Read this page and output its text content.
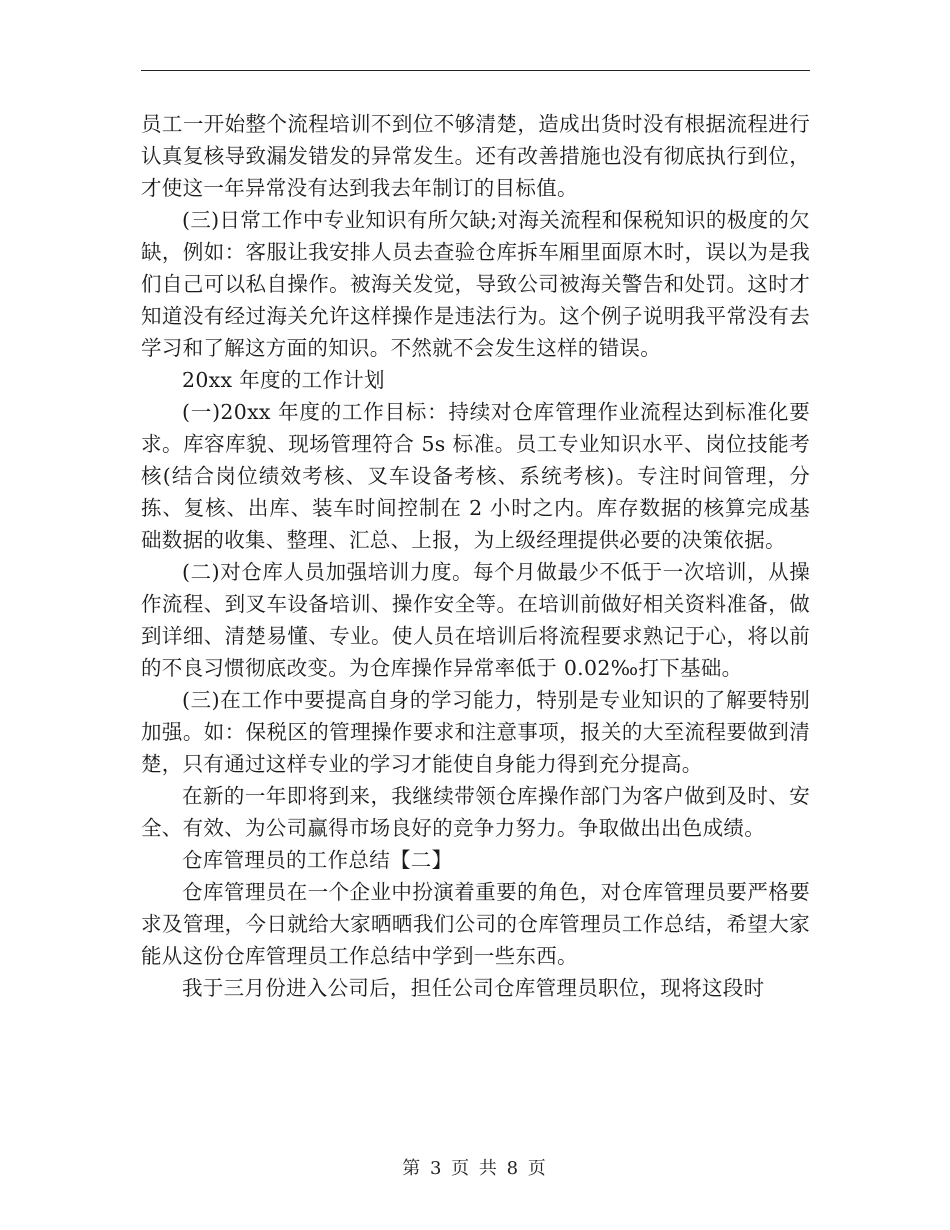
员工一开始整个流程培训不到位不够清楚，造成出货时没有根据流程进行认真复核导致漏发错发的异常发生。还有改善措施也没有彻底执行到位，才使这一年异常没有达到我去年制订的目标值。

(三)日常工作中专业知识有所欠缺;对海关流程和保税知识的极度的欠缺，例如：客服让我安排人员去查验仓库拆车厢里面原木时，误以为是我们自己可以私自操作。被海关发觉，导致公司被海关警告和处罚。这时才知道没有经过海关允许这样操作是违法行为。这个例子说明我平常没有去学习和了解这方面的知识。不然就不会发生这样的错误。

20xx 年度的工作计划

(一)20xx 年度的工作目标：持续对仓库管理作业流程达到标准化要求。库容库貌、现场管理符合 5s 标准。员工专业知识水平、岗位技能考核(结合岗位绩效考核、叉车设备考核、系统考核)。专注时间管理，分拣、复核、出库、装车时间控制在 2 小时之内。库存数据的核算完成基础数据的收集、整理、汇总、上报，为上级经理提供必要的决策依据。

(二)对仓库人员加强培训力度。每个月做最少不低于一次培训，从操作流程、到叉车设备培训、操作安全等。在培训前做好相关资料准备，做到详细、清楚易懂、专业。使人员在培训后将流程要求熟记于心，将以前的不良习惯彻底改变。为仓库操作异常率低于 0.02‰打下基础。

(三)在工作中要提高自身的学习能力，特别是专业知识的了解要特别加强。如：保税区的管理操作要求和注意事项，报关的大至流程要做到清楚，只有通过这样专业的学习才能使自身能力得到充分提高。

在新的一年即将到来，我继续带领仓库操作部门为客户做到及时、安全、有效、为公司赢得市场良好的竞争力努力。争取做出出色成绩。

仓库管理员的工作总结【二】

仓库管理员在一个企业中扮演着重要的角色，对仓库管理员要严格要求及管理，今日就给大家晒晒我们公司的仓库管理员工作总结，希望大家能从这份仓库管理员工作总结中学到一些东西。

我于三月份进入公司后，担任公司仓库管理员职位，现将这段时

第 3 页 共 8 页
